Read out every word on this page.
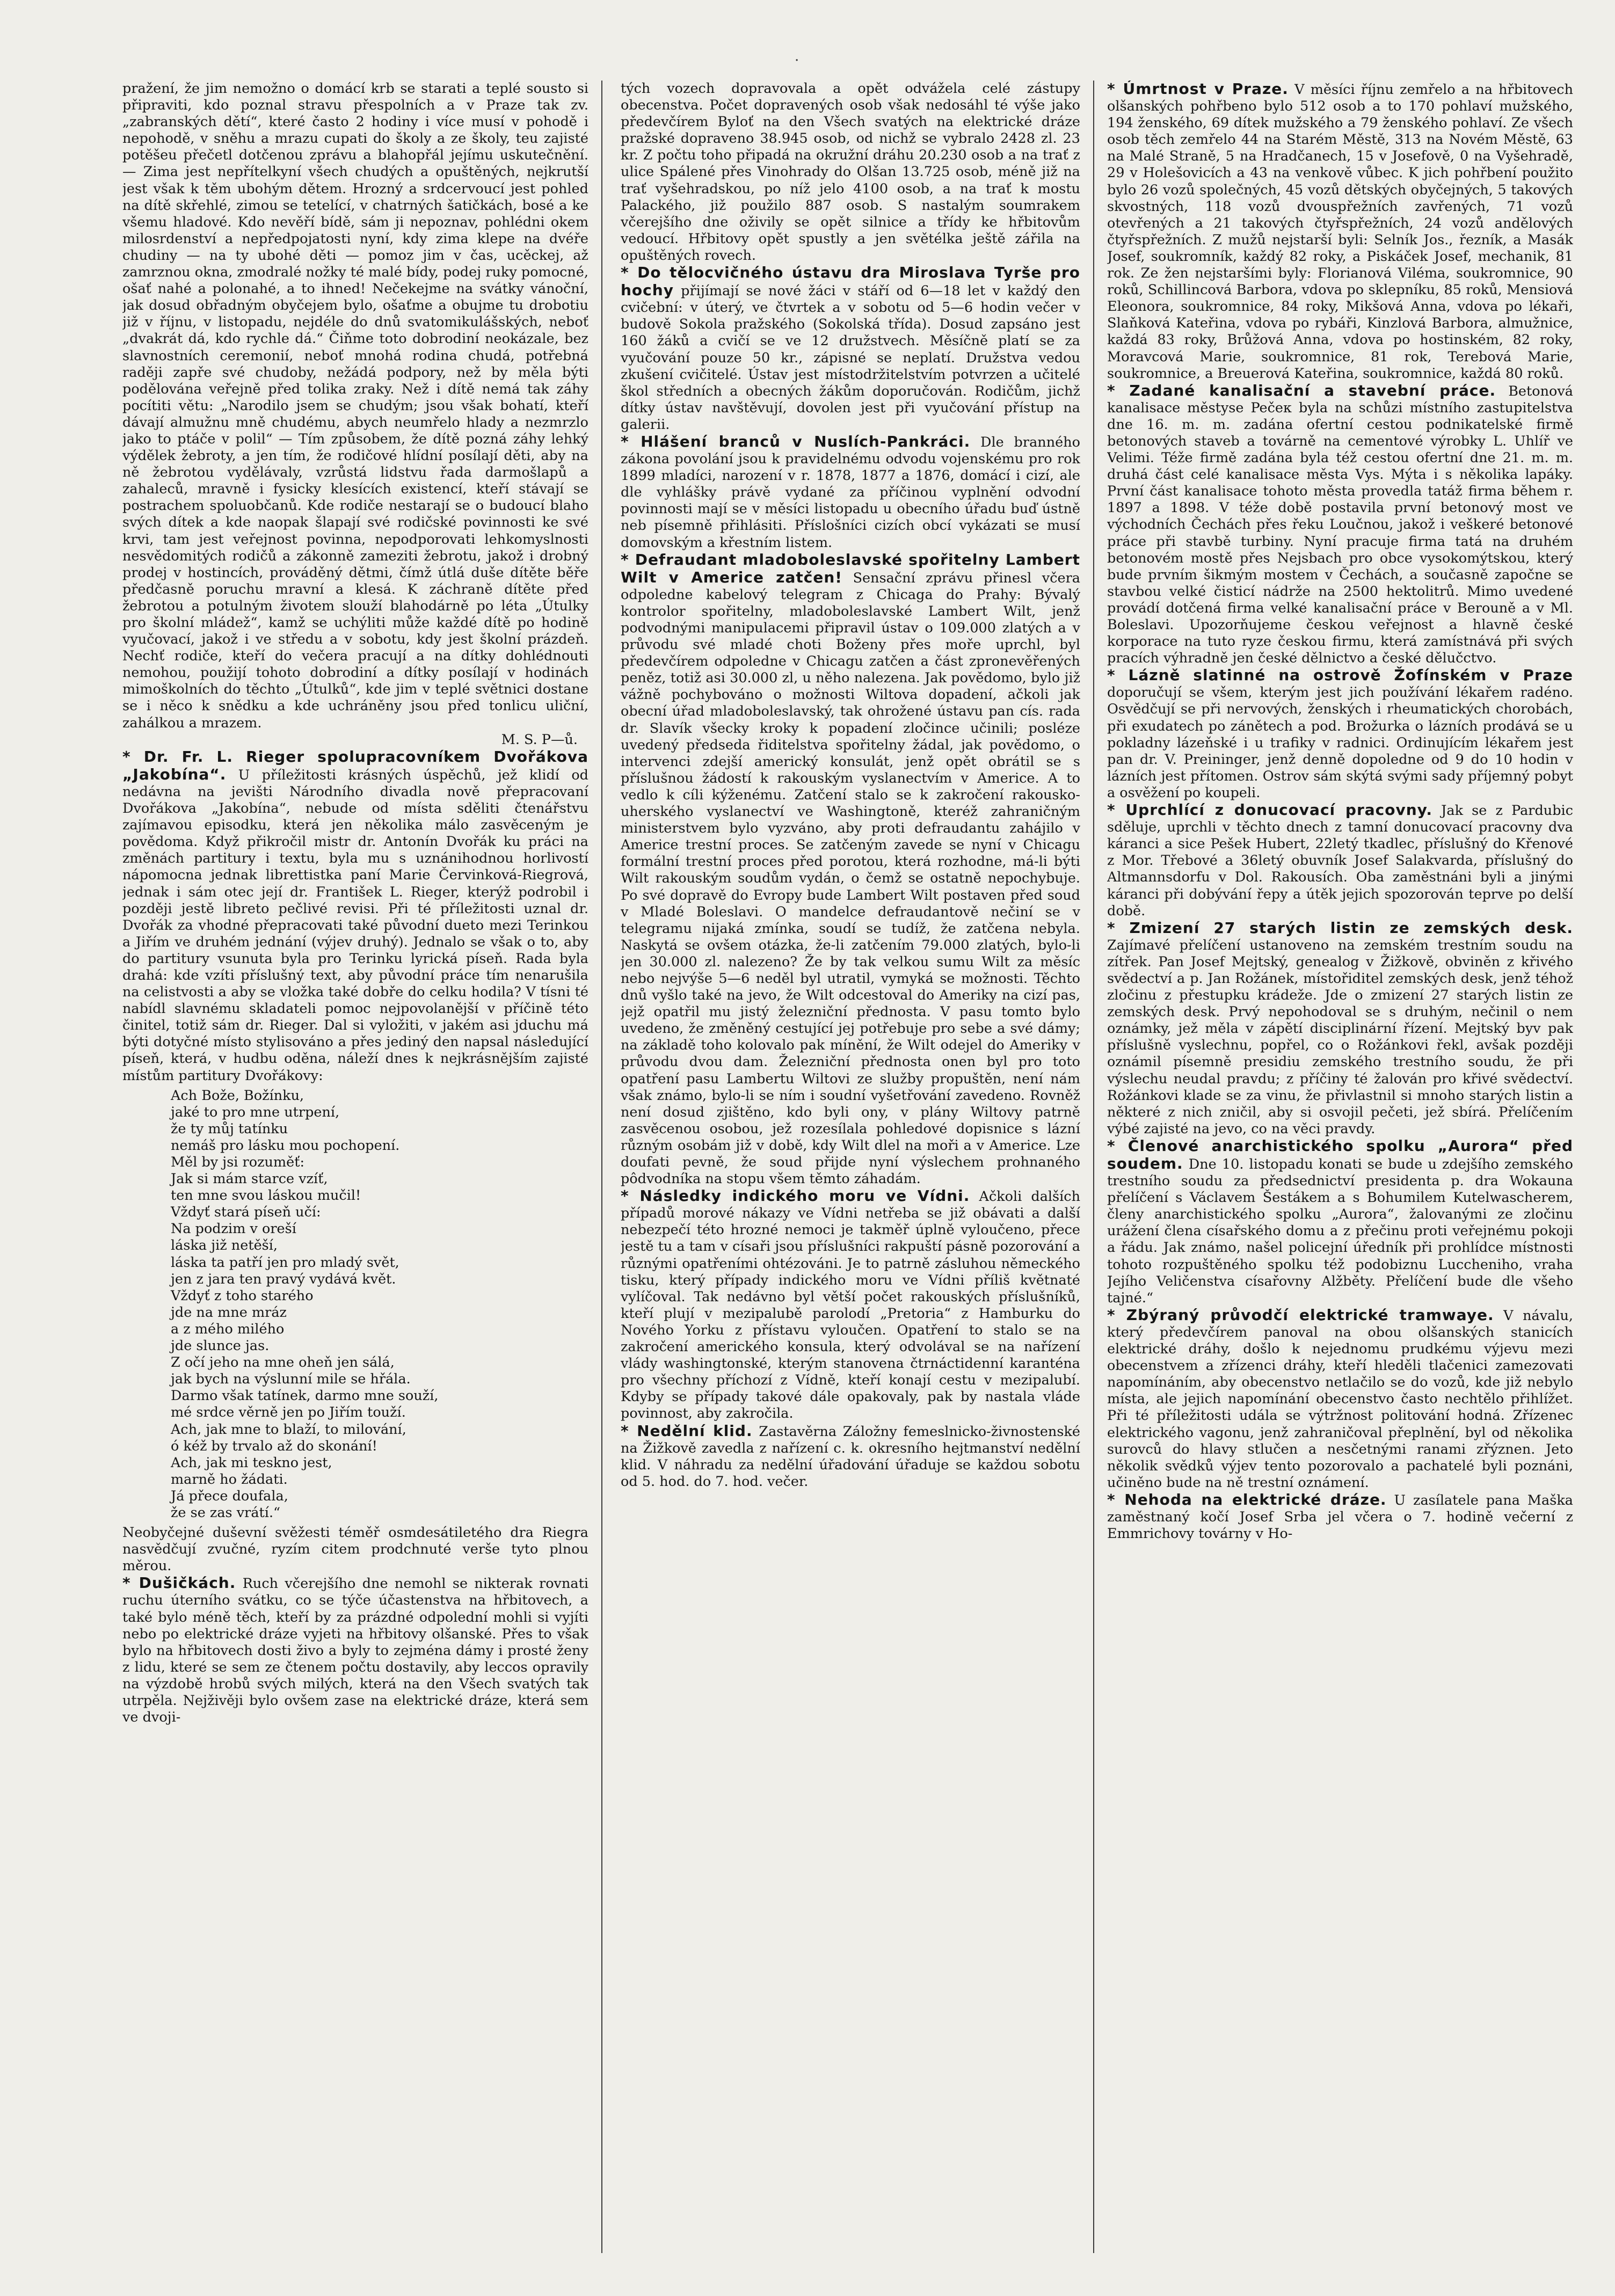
·

pražení, že jim nemožno o domácí krb se starati a teplé sousto si připraviti, kdo poznal stravu přespolních a v Praze tak zv. „zabranských dětí“, které často 2 hodiny i více musí v pohodě i nepohodě, v sněhu a mrazu cupati do školy a ze školy, teu zajisté potěšeu přečetl dotčenou zprávu a blahopřál jejímu uskutečnění. — Zima jest nepřítelkyní všech chudých a opuštěných, nejkrutší jest však k těm ubohým dětem. Hrozný a srdcervoucí jest pohled na dítě skřehlé, zimou se tetelící, v chatrných šatičkách, bosé a ke všemu hladové. Kdo nevěří bídě, sám ji nepoznav, pohlédni okem milosrdenství a nepředpojatosti nyní, kdy zima klepe na dvéře chudiny — na ty ubohé děti — pomoz jim v čas, ucěckej, až zamrznou okna, zmodralé nožky té malé bídy, podej ruky pomocné, ošať nahé a polonahé, a to ihned! Nečekejme na svátky vánoční, jak dosud obřadným obyčejem bylo, ošaťme a obujme tu drobotiu již v říjnu, v listopadu, nejdéle do dnů svatomikulášských, neboť „dvakrát dá, kdo rychle dá.“ Čiňme toto dobrodiní neokázale, bez slavnostních ceremonií, neboť mnohá rodina chudá, potřebná raději zapře své chudoby, nežádá podpory, než by měla býti podělována veřejně před tolika zraky. Než i dítě nemá tak záhy pocítiti větu: „Narodilo jsem se chudým; jsou však bohatí, kteří dávají almužnu mně chudému, abych neumřelo hlady a nezmrzlo jako to ptáče v polil“ — Tím způsobem, že dítě pozná záhy lehký výdělek žebroty, a jen tím, že rodičové hlídní posílají děti, aby na ně žebrotou vydělávaly, vzrůstá lidstvu řada darmošlapů a zahaleců, mravně i fysicky klesících existencí, kteří stávají se postrachem spoluobčanů. Kde rodiče nestarají se o budoucí blaho svých dítek a kde naopak šlapají své rodičské povinnosti ke své krvi, tam jest veřejnost povinna, nepodporovati lehkomyslnosti nesvědomitých rodičů a zákonně zameziti žebrotu, jakož i drobný prodej v hostincích, prováděný dětmi, čímž útlá duše dítěte běře předčasně poruchu mravní a klesá. K záchraně dítěte před žebrotou a potulným životem slouží blahodárně po léta „Útulky pro školní mládež“, kamž se uchýliti může každé dítě po hodině vyučovací, jakož i ve středu a v sobotu, kdy jest školní prázdeň. Nechť rodiče, kteří do večera pracují a na dítky dohlédnouti nemohou, použijí tohoto dobrodiní a dítky posílají v hodinách mimoškolních do těchto „Útulků“, kde jim v teplé světnici dostane se i něco k snědku a kde uchráněny jsou před tonlicu uliční, zahálkou a mrazem.

M. S. P—ů.

* Dr. Fr. L. Rieger spolupracovníkem Dvořákova „Jakobína“. U příležitosti krásných úspěchů, jež klidí od nedávna na jevišti Národního divadla nově přepracovaní Dvořákova „Jakobína“, nebude od místa sděliti čtenářstvu zajímavou episodku, která jen několika málo zasvěceným je povědoma. Když přikročil mistr dr. Antonín Dvořák ku práci na změnách partitury i textu, byla mu s uznánihodnou horlivostí nápomocna jednak librettistka paní Marie Červinková-Riegrová, jednak i sám otec její dr. František L. Rieger, kterýž podrobil i později jestě libreto pečlivé revisi. Při té příležitosti uznal dr. Dvořák za vhodné přepracovati také původní dueto mezi Terinkou a Jiřím ve druhém jednání (výjev druhý). Jednalo se však o to, aby do partitury vsunuta byla pro Terinku lyrická píseň. Rada byla drahá: kde vzíti příslušný text, aby původní práce tím nenarušila na celistvosti a aby se vložka také dobře do celku hodila? V tísni té nabídl slavnému skladateli pomoc nejpovolanější v příčině této činitel, totiž sám dr. Rieger. Dal si vyložiti, v jakém asi jduchu má býti dotyčné místo stylisováno a přes jediný den napsal následující píseň, která, v hudbu oděna, náleží dnes k nejkrásnějším zajisté místům partitury Dvořákovy:

Ach Bože, Božínku,
jaké to pro mne utrpení,
že ty můj tatínku
nemáš pro lásku mou pochopení.
Měl by jsi rozuměť:
Jak si mám starce vzíť,
ten mne svou láskou mučil!
Vždyť stará píseň učí:
Na podzim v oreší
láska již netěší,
láska ta patří jen pro mladý svět,
jen z jara ten pravý vydává květ.
Vždyť z toho starého
jde na mne mráz
a z mého milého
jde slunce jas.
Z očí jeho na mne oheň jen sálá,
jak bych na výslunní mile se hřála.
Darmo však tatínek, darmo mne souží,
mé srdce věrně jen po Jiřím touží.
Ach, jak mne to blaží, to milování,
ó kéž by trvalo až do skonání!
Ach, jak mi teskno jest,
marně ho žádati.
Já přece doufala,
že se zas vrátí.“

Neobyčejné duševní svěžesti téměř osmdesátiletého dra Riegra nasvědčují zvučné, ryzím citem prodchnuté verše tyto plnou měrou.

* Dušičkách. Ruch včerejšího dne nemohl se nikterak rovnati ruchu úterního svátku, co se týče účastenstva na hřbitovech, a také bylo méně těch, kteří by za prázdné odpolední mohli si vyjíti nebo po elektrické dráze vyjeti na hřbitovy olšanské. Přes to však bylo na hřbitovech dosti živo a byly to zejména dámy i prosté ženy z lidu, které se sem ze čtenem počtu dostavily, aby leccos opravily na výzdobě hrobů svých milých, která na den Všech svatých tak utrpěla. Nejživěji bylo ovšem zase na elektrické dráze, která sem ve dvoji-

tých vozech dopravovala a opět odvážela celé zástupy obecenstva. Počet dopravených osob však nedosáhl té výše jako předevčírem Byloť na den Všech svatých na elektrické dráze pražské dopraveno 38.945 osob, od nichž se vybralo 2428 zl. 23 kr. Z počtu toho připadá na okružní dráhu 20.230 osob a na trať z ulice Spálené přes Vinohrady do Olšan 13.725 osob, méně již na trať vyšehradskou, po níž jelo 4100 osob, a na trať k mostu Palackého, již použilo 887 osob. S nastalým soumrakem včerejšího dne oživily se opět silnice a třídy ke hřbitovům vedoucí. Hřbitovy opět spustly a jen světélka ještě zářila na opuštěných rovech.

* Do tělocvičného ústavu dra Miroslava Tyrše pro hochy přijímají se nové žáci v stáří od 6—18 let v každý den cvičební: v úterý, ve čtvrtek a v sobotu od 5—6 hodin večer v budově Sokola pražského (Sokolská třída). Dosud zapsáno jest 160 žáků a cvičí se ve 12 družstvech. Měsíčně platí se za vyučování pouze 50 kr., zápisné se neplatí. Družstva vedou zkušení cvičitelé. Ústav jest místodržitelstvím potvrzen a učitelé škol středních a obecných žákům doporučován. Rodičům, jichž dítky ústav navštěvují, dovolen jest při vyučování přístup na galerii.

* Hlášení branců v Nuslích-Pankráci. Dle branného zákona povolání jsou k pravidelnému odvodu vojenskému pro rok 1899 mladíci, narození v r. 1878, 1877 a 1876, domácí i cizí, ale dle vyhlášky právě vydané za příčinou vyplnění odvodní povinnosti mají se v měsíci listopadu u obecního úřadu buď ústně neb písemně přihlásiti. Příslošníci cizích obcí vykázati se musí domovským a křestním listem.

* Defraudant mladoboleslavské spořitelny Lambert Wilt v Americe zatčen! Sensační zprávu přinesl včera odpoledne kabelový telegram z Chicaga do Prahy: Bývalý kontrolor spořitelny, mladoboleslavské Lambert Wilt, jenž podvodnými manipulacemi připravil ústav o 109.000 zlatých a v průvodu své mladé choti Boženy přes moře uprchl, byl předevčírem odpoledne v Chicagu zatčen a část zpronevěřených peněz, totiž asi 30.000 zl, u něho nalezena. Jak povědomo, bylo již vážně pochybováno o možnosti Wiltova dopadení, ačkoli jak obecní úřad mladoboleslavský, tak ohrožené ústavu pan cís. rada dr. Slavík všecky kroky k popadení zločince učinili; posléze uvedený předseda řiditelstva spořitelny žádal, jak povědomo, o intervenci zdejší americký konsulát, jenž opět obrátil se s příslušnou žádostí k rakouským vyslanectvím v Americe. A to vedlo k cíli kýženému. Zatčení stalo se k zakročení rakousko-uherského vyslanectví ve Washingtoně, kteréž zahraničným ministerstvem bylo vyzváno, aby proti defraudantu zahájilo v Americe trestní proces. Se zatčeným zavede se nyní v Chicagu formální trestní proces před porotou, která rozhodne, má-li býti Wilt rakouským soudům vydán, o čemž se ostatně nepochybuje. Po své dopravě do Evropy bude Lambert Wilt postaven před soud v Mladé Boleslavi. O mandelce defraudantově nečiní se v telegramu nijaká zmínka, soudí se tudíž, že zatčena nebyla. Naskytá se ovšem otázka, že-li zatčením 79.000 zlatých, bylo-li jen 30.000 zl. nalezeno? Že by tak velkou sumu Wilt za měsíc nebo nejvýše 5—6 neděl byl utratil, vymyká se možnosti. Těchto dnů vyšlo také na jevo, že Wilt odcestoval do Ameriky na cizí pas, jejž opatřil mu jistý železniční přednosta. V pasu tomto bylo uvedeno, že změněný cestující jej potřebuje pro sebe a své dámy; na základě toho kolovalo pak mínění, že Wilt odejel do Ameriky v průvodu dvou dam. Železniční přednosta onen byl pro toto opatření pasu Lambertu Wiltovi ze služby propuštěn, není nám však známo, bylo-li se ním i soudní vyšetřování zavedeno. Rovněž není dosud zjištěno, kdo byli ony, v plány Wiltovy patrně zasvěcenou osobou, jež rozesílala pohledové dopisnice s lázní různým osobám již v době, kdy Wilt dlel na moři a v Americe. Lze doufati pevně, že soud přijde nyní výslechem prohnaného pôdvodníka na stopu všem těmto záhadám.

* Následky indického moru ve Vídni. Ačkoli dalších případů morové nákazy ve Vídni netřeba se již obávati a další nebezpečí této hrozné nemoci je takměř úplně vyloučeno, přece jestě tu a tam v císaři jsou příslušníci rakpuští pásně pozorování a různými opatřeními ohtézováni. Je to patrně zásluhou německého tisku, který případy indického moru ve Vídni příliš květnaté vylíčoval. Tak nedávno byl větší počet rakouských příslušníků, kteří plují v mezipalubě parolodí „Pretoria“ z Hamburku do Nového Yorku z přístavu vyloučen. Opatření to stalo se na zakročení amerického konsula, který odvolával se na nařízení vlády washingtonské, kterým stanovena čtrnáctidenní karanténa pro všechny příchozí z Vídně, kteří konají cestu v mezipalubí. Kdyby se případy takové dále opakovaly, pak by nastala vláde povinnost, aby zakročila.

* Nedělní klid. Zastavěrna Záložny femeslnicko-živnostenské na Žižkově zavedla z nařízení c. k. okresního hejtmanství nedělní klid. V náhradu za nedělní úřadování úřaduje se každou sobotu od 5. hod. do 7. hod. večer.

* Úmrtnost v Praze. V měsíci říjnu zemřelo a na hřbitovech olšanských pohřbeno bylo 512 osob a to 170 pohlaví mužského, 194 ženského, 69 dítek mužského a 79 ženského pohlaví. Ze všech osob těch zemřelo 44 na Starém Městě, 313 na Novém Městě, 63 na Malé Straně, 5 na Hradčanech, 15 v Josefově, 0 na Vyšehradě, 29 v Holešovicích a 43 na venkově vůbec. K jich pohřbení použito bylo 26 vozů společných, 45 vozů dětských obyčejných, 5 takových skvostných, 118 vozů dvouspřežních zavřených, 71 vozů otevřených a 21 takových čtyřspřežních, 24 vozů andělových čtyřspřežních. Z mužů nejstarší byli: Selník Jos., řezník, a Masák Josef, soukromník, každý 82 roky, a Piskáček Josef, mechanik, 81 rok. Ze žen nejstaršími byly: Florianová Viléma, soukromnice, 90 roků, Schillincová Barbora, vdova po sklepníku, 85 roků, Mensiová Eleonora, soukromnice, 84 roky, Mikšová Anna, vdova po lékaři, Slaňková Kateřina, vdova po rybáři, Kinzlová Barbora, almužnice, každá 83 roky, Brůžová Anna, vdova po hostinském, 82 roky, Moravcová Marie, soukromnice, 81 rok, Terebová Marie, soukromnice, a Breuerová Kateřina, soukromnice, každá 80 roků.

* Zadané kanalisační a stavební práce. Betonová kanalisace městyse Pečeк byla na schůzi místního zastupitelstva dne 16. m. m. zadána ofertní cestou podnikatelské firmě betonových staveb a továrně na cementové výrobky L. Uhlíř ve Velimi. Téže firmě zadána byla též cestou ofertní dne 21. m. m. druhá část celé kanalisace města Vys. Mýta i s několika lapáky. První část kanalisace tohoto města provedla tatáž firma během r. 1897 a 1898. V téže době postavila první betonový most ve východních Čechách přes řeku Loučnou, jakož i veškeré betonové práce při stavbě turbiny. Nyní pracuje firma tatá na druhém betonovém mostě přes Nejsbach pro obce vysokomýtskou, který bude prvním šikmým mostem v Čechách, a současně započne se stavbou velké čisticí nádrže na 2500 hektolitrů. Mimo uvedené provádí dotčená firma velké kanalisační práce v Berouně a v Ml. Boleslavi. Upozorňujeme českou veřejnost a hlavně české korporace na tuto ryze českou firmu, která zamístnává při svých pracích výhradně jen české dělnictvo a české dělučctvo.

* Lázně slatinné na ostrově Žofínském v Praze doporučují se všem, kterým jest jich používání lékařem radéno. Osvědčují se při nervových, ženských i rheumatických chorobách, při exudatech po zánětech a pod. Brožurka o lázních prodává se u pokladny lázeňské i u trafiky v radnici. Ordinujícím lékařem jest pan dr. V. Preininger, jenž denně dopoledne od 9 do 10 hodin v lázních jest přítomen. Ostrov sám skýtá svými sady příjemný pobyt a osvěžení po koupeli.

* Uprchlící z donucovací pracovny. Jak se z Pardubic sděluje, uprchli v těchto dnech z tamní donucovací pracovny dva káranci a sice Pešek Hubert, 22letý tkadlec, příslušný do Křenové z Mor. Třebové a 36letý obuvník Josef Salakvarda, příslušný do Altmannsdorfu v Dol. Rakousích. Oba zaměstnáni byli a jinými káranci při dobývání řepy a útěk jejich spozorován teprve po delší době.

* Zmizení 27 starých listin ze zemských desk. Zajímavé přelíčení ustanoveno na zemském trestním soudu na zítřek. Pan Josef Mejtský, genealog v Žižkově, obviněn z křivého svědectví a p. Jan Rožánek, místořiditel zemských desk, jenž téhož zločinu z přestupku krádeže. Jde o zmizení 27 starých listin ze zemských desk. Prvý nepohodoval se s druhým, nečinil o nem oznámky, jež měla v zápětí disciplinární řízení. Mejtský byv pak příslušně vyslechnu, popřel, co o Rožánkovi řekl, avšak později oznámil písemně presidiu zemského trestního soudu, že při výslechu neudal pravdu; z příčiny té žalován pro křivé svědectví. Rožánkovi klade se za vinu, že přivlastnil si mnoho starých listin a některé z nich zničil, aby si osvojil pečeti, jež sbírá. Přelíčením výbé zajisté na jevo, co na věci pravdy.

* Členové anarchistického spolku „Aurora“ před soudem. Dne 10. listopadu konati se bude u zdejšího zemského trestního soudu za předsednictví presidenta p. dra Wokauna přelíčení s Václavem Šestákem a s Bohumilem Kutelwascherem, členy anarchistického spolku „Aurora“, žalovanými ze zločinu urážení člena císařského domu a z přečinu proti veřejnému pokoji a řádu. Jak známo, našel policejní úředník při prohlídce místnosti tohoto rozpuštěného spolku též podobiznu Luccheniho, vraha Jejího Veličenstva císařovny Alžběty. Přelíčení bude dle všeho tajné.“

* Zbýraný průvodčí elektrické tramwaye. V návalu, který předevčírem panoval na obou olšanských stanicích elektrické dráhy, došlo k nejednomu prudkému výjevu mezi obecenstvem a zřízenci dráhy, kteří hleděli tlačenici zamezovati napomínáním, aby obecenstvo netlačilo se do vozů, kde již nebylo místa, ale jejich napomínání obecenstvo často nechtělo přihlížet. Při té příležitosti udála se výtržnost politování hodná. Zřízenec elektrického vagonu, jenž zahraničoval přeplnění, byl od několika surovců do hlavy stlučen a nesčetnými ranami zřýznen. Jeto několik svědků výjev tento pozorovalo a pachatelé byli poznáni, učiněno bude na ně trestní oznámení.

* Nehoda na elektrické dráze. U zasílatele pana Maška zaměstnaný kočí Josef Srba jel včera o 7. hodině večerní z Emmrichovy továrny v Ho-
